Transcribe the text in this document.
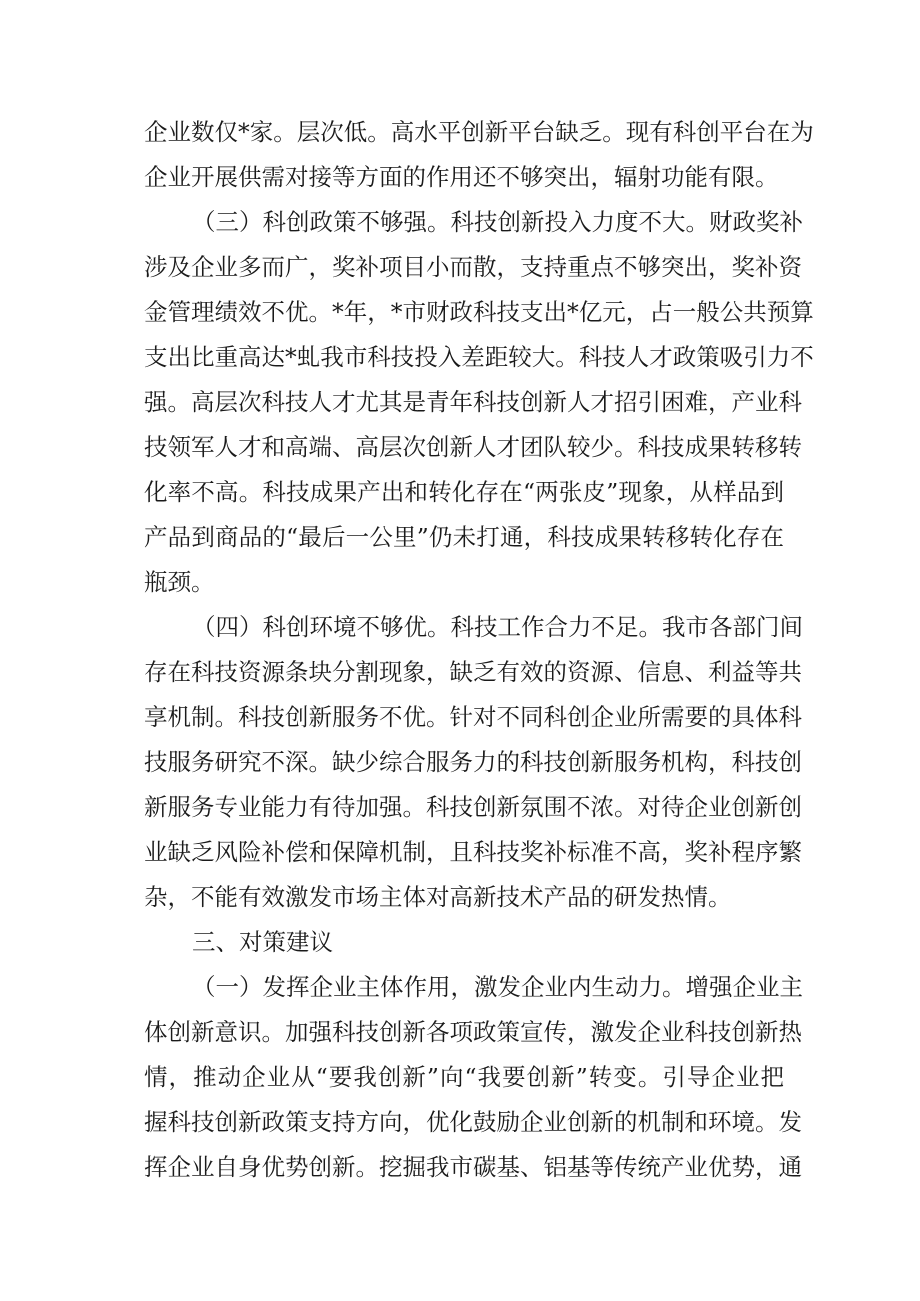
企业数仅*家。层次低。高水平创新平台缺乏。现有科创平台在为
企业开展供需对接等方面的作用还不够突出，辐射功能有限。
（三）科创政策不够强。科技创新投入力度不大。财政奖补
涉及企业多而广，奖补项目小而散，支持重点不够突出，奖补资
金管理绩效不优。*年，*市财政科技支出*亿元，占一般公共预算
支出比重高达*虬我市科技投入差距较大。科技人才政策吸引力不
强。高层次科技人才尤其是青年科技创新人才招引困难，产业科
技领军人才和高端、高层次创新人才团队较少。科技成果转移转
化率不高。科技成果产出和转化存在“两张皮”现象，从样品到
产品到商品的“最后一公里”仍未打通，科技成果转移转化存在
瓶颈。
（四）科创环境不够优。科技工作合力不足。我市各部门间
存在科技资源条块分割现象，缺乏有效的资源、信息、利益等共
享机制。科技创新服务不优。针对不同科创企业所需要的具体科
技服务研究不深。缺少综合服务力的科技创新服务机构，科技创
新服务专业能力有待加强。科技创新氛围不浓。对待企业创新创
业缺乏风险补偿和保障机制，且科技奖补标准不高，奖补程序繁
杂，不能有效激发市场主体对高新技术产品的研发热情。
三、对策建议
（一）发挥企业主体作用，激发企业内生动力。增强企业主
体创新意识。加强科技创新各项政策宣传，激发企业科技创新热
情，推动企业从“要我创新”向“我要创新”转变。引导企业把
握科技创新政策支持方向，优化鼓励企业创新的机制和环境。发
挥企业自身优势创新。挖掘我市碳基、铝基等传统产业优势，通
